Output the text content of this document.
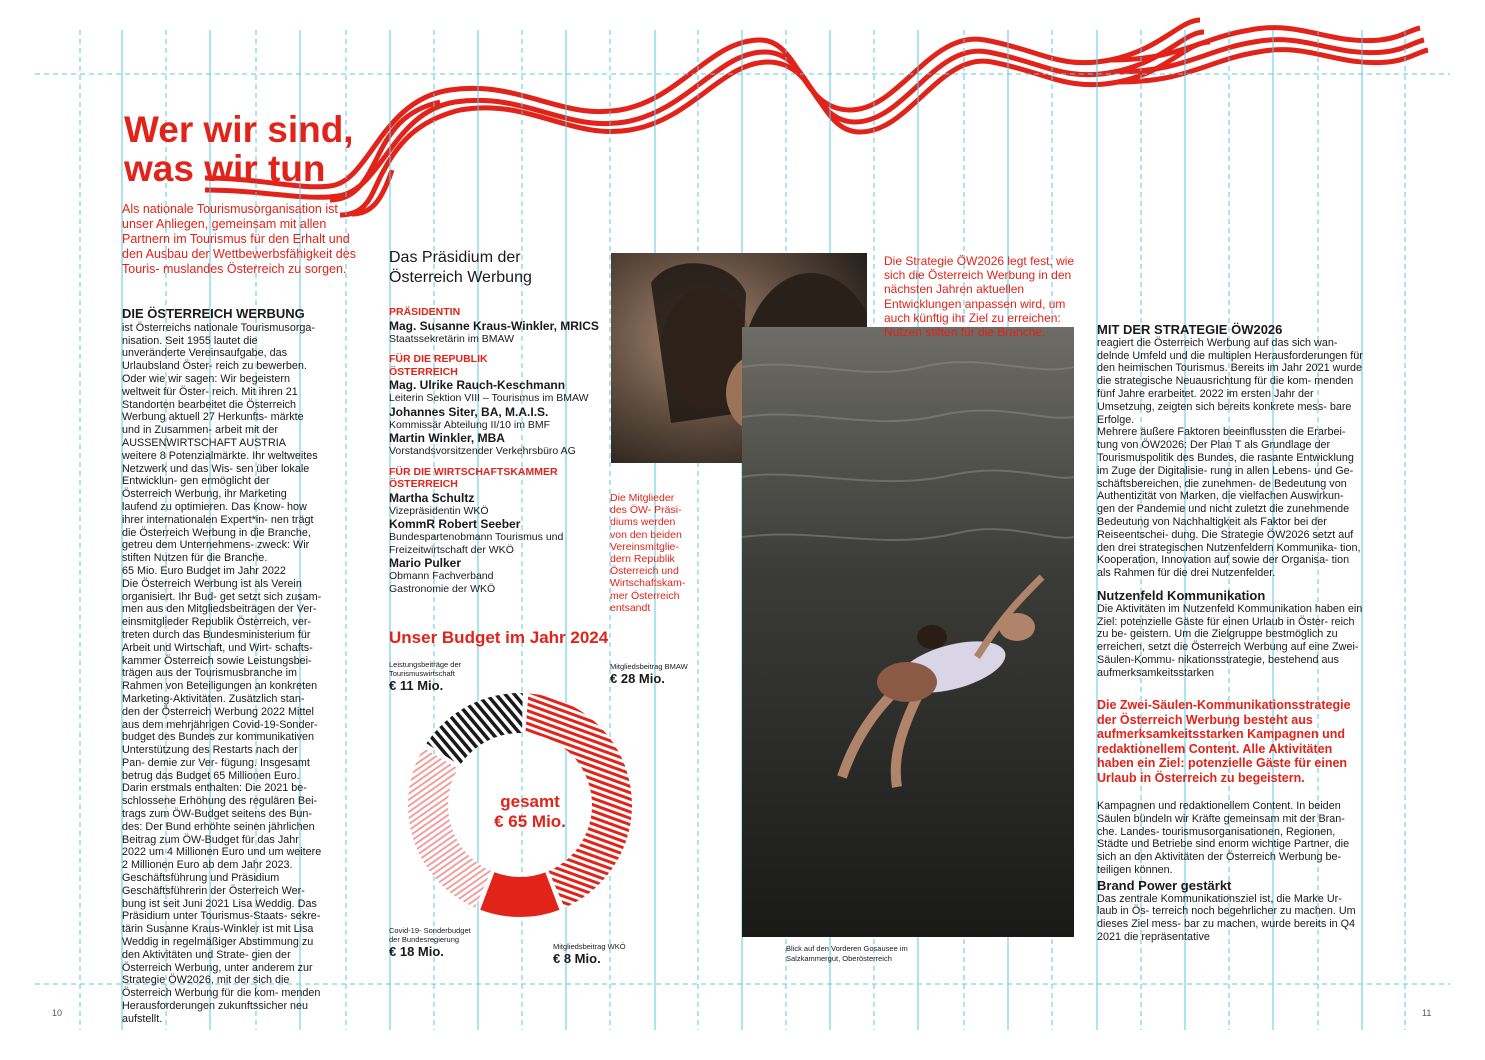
Wer wir sind,
was wir tun
Als nationale Tourismusorganisation ist unser Anliegen, gemeinsam mit allen Partnern im Tourismus für den Erhalt und den Ausbau der Wettbewerbsfähigkeit des Touris- muslandes Österreich zu sorgen.
DIE ÖSTERREICH WERBUNG

ist Österreichs nationale Tourismusorga- nisation. Seit 1955 lautet die unveränderte Vereinsaufgabe, das Urlaubsland Öster- reich zu bewerben. Oder wie wir sagen: Wir begeistern weltweit für Öster- reich. Mit ihren 21 Standorten bearbeitet die Österreich Werbung aktuell 27 Herkunfts- märkte und in Zusammen- arbeit mit der AUSSENWIRTSCHAFT AUSTRIA weitere 8 Potenzialmärkte. Ihr weltweites Netzwerk und das Wis- sen über lokale Entwicklun- gen ermöglicht der Österreich Werbung, ihr Marketing laufend zu optimieren. Das Know- how ihrer internationalen Expert*in- nen trägt die Österreich Werbung in die Branche, getreu dem Unternehmens- zweck: Wir stiften Nutzen für die Branche.

65 Mio. Euro Budget im Jahr 2022

Die Österreich Werbung ist als Verein organisiert. Ihr Bud- get setzt sich zusam- men aus den Mitgliedsbeiträgen der Ver- einsmitglieder Republik Österreich, ver- treten durch das Bundesministerium für Arbeit und Wirtschaft, und Wirt- schafts- kammer Österreich sowie Leistungsbei- trägen aus der Tourismusbranche im Rahmen von Beteiligungen an konkreten Marketing-Aktivitäten. Zusätzlich stan- den der Österreich Werbung 2022 Mittel aus dem mehrjährigen Covid-19-Sonder- budget des Bundes zur kommunikativen Unterstützung des Restarts nach der Pan- demie zur Ver- fügung. Insgesamt betrug das Budget 65 Millionen Euro.

Darin erstmals enthalten: Die 2021 be- schlossene Erhöhung des regulären Bei- trags zum ÖW-Budget seitens des Bun- des: Der Bund erhöhte seinen jährlichen Beitrag zum ÖW-Budget für das Jahr 2022 um 4 Millionen Euro und um weitere 2 Millionen Euro ab dem Jahr 2023.

Geschäftsführung und Präsidium

Geschäftsführerin der Österreich Wer- bung ist seit Juni 2021 Lisa Weddig. Das Präsidium unter Tourismus-Staats- sekre- tärin Susanne Kraus-Winkler ist mit Lisa Weddig in regelmäßiger Abstimmung zu den Aktivitäten und Strate- gien der Österreich Werbung, unter anderem zur Strategie ÖW2026, mit der sich die Österreich Werbung für die kom- menden Herausforderungen zukunftssicher neu aufstellt.

Das Präsidium der
Österreich Werbung
PRÄSIDENTIN
Mag. Susanne Kraus-Winkler, MRICS
Staatssekretärin im BMAW
FÜR DIE REPUBLIK ÖSTERREICH
Mag. Ulrike Rauch-Keschmann
Leiterin Sektion VIII – Tourismus im BMAW
Johannes Siter, BA, M.A.I.S.
Kommissär Abteilung II/10 im BMF
Martin Winkler, MBA
Vorstandsvorsitzender Verkehrsbüro AG
FÜR DIE WIRTSCHAFTSKAMMER ÖSTERREICH
Martha Schultz
Vizepräsidentin WKÖ
KommR Robert Seeber
Bundespartenobmann Tourismus und Freizeitwirtschaft der WKÖ
Mario Pulker
Obmann Fachverband Gastronomie der WKÖ
Die Mitglieder des ÖW- Präsi- diums werden von den beiden Vereinsmitglie- dern Republik Österreich und Wirtschaftskam- mer Österreich entsandt
Unser Budget im Jahr 2024
gesamt
€ 65 Mio.
Mitgliedsbeitrag BMAW
€ 28 Mio.
Mitgliedsbeitrag WKÖ
€ 8 Mio.
Covid-19- Sonderbudget der Bundesregierung
€ 18 Mio.
Leistungsbeiträge der Tourismuswirtschaft
€ 11 Mio.
Blick auf den Vorderen Gosausee im Salzkammergut, Oberösterreich
Die Strategie ÖW2026 legt fest, wie sich die Österreich Werbung in den nächsten Jahren aktuellen Entwicklungen anpassen wird, um auch künftig ihr Ziel zu erreichen: Nutzen stiften für die Branche.	MIT DER STRATEGIE ÖW2026

reagiert die Österreich Werbung auf das sich wan- delnde Umfeld und die multiplen Herausforderungen für den heimischen Tourismus. Bereits im Jahr 2021 wurde die strategische Neuausrichtung für die kom- menden fünf Jahre erarbeitet. 2022 im ersten Jahr der Umsetzung, zeigten sich bereits konkrete mess- bare Erfolge.

Mehrere äußere Faktoren beeinflussten die Erarbei- tung von ÖW2026: Der Plan T als Grundlage der Tourismuspolitik des Bundes, die rasante Entwicklung im Zuge der Digitalisie- rung in allen Lebens- und Ge- schäftsbereichen, die zunehmen- de Bedeutung von Authentizität von Marken, die vielfachen Auswirkun- gen der Pandemie und nicht zuletzt die zunehmende Bedeutung von Nachhaltigkeit als Faktor bei der Reiseentschei- dung. Die Strategie ÖW2026 setzt auf den drei strategischen Nutzenfeldern Kommunika- tion, Kooperation, Innovation auf sowie der Organisa- tion als Rahmen für die drei Nutzenfelder.

Nutzenfeld Kommunikation

Die Aktivitäten im Nutzenfeld Kommunikation haben ein Ziel: potenzielle Gäste für einen Urlaub in Öster- reich zu be- geistern. Um die Zielgruppe bestmöglich zu erreichen, setzt die Österreich Werbung auf eine Zwei-Säulen-Kommu- nikationsstrategie, bestehend aus aufmerksamkeitsstarken

Die Zwei-Säulen-Kommunikationsstrategie der Österreich Werbung besteht aus aufmerksamkeitsstarken Kampagnen und redaktionellem Content. Alle Aktivitäten haben ein Ziel: potenzielle Gäste für einen Urlaub in Österreich zu begeistern.

Kampagnen und redaktionellem Content. In beiden Säulen bündeln wir Kräfte gemeinsam mit der Bran- che. Landes- tourismusorganisationen, Regionen, Städte und Betriebe sind enorm wichtige Partner, die sich an den Aktivitäten der Österreich Werbung be- teiligen können.

Brand Power gestärkt

Das zentrale Kommunikationsziel ist, die Marke Ur- laub in Ös- terreich noch begehrlicher zu machen. Um dieses Ziel mess- bar zu machen, wurde bereits in Q4 2021 die repräsentative

10	11
